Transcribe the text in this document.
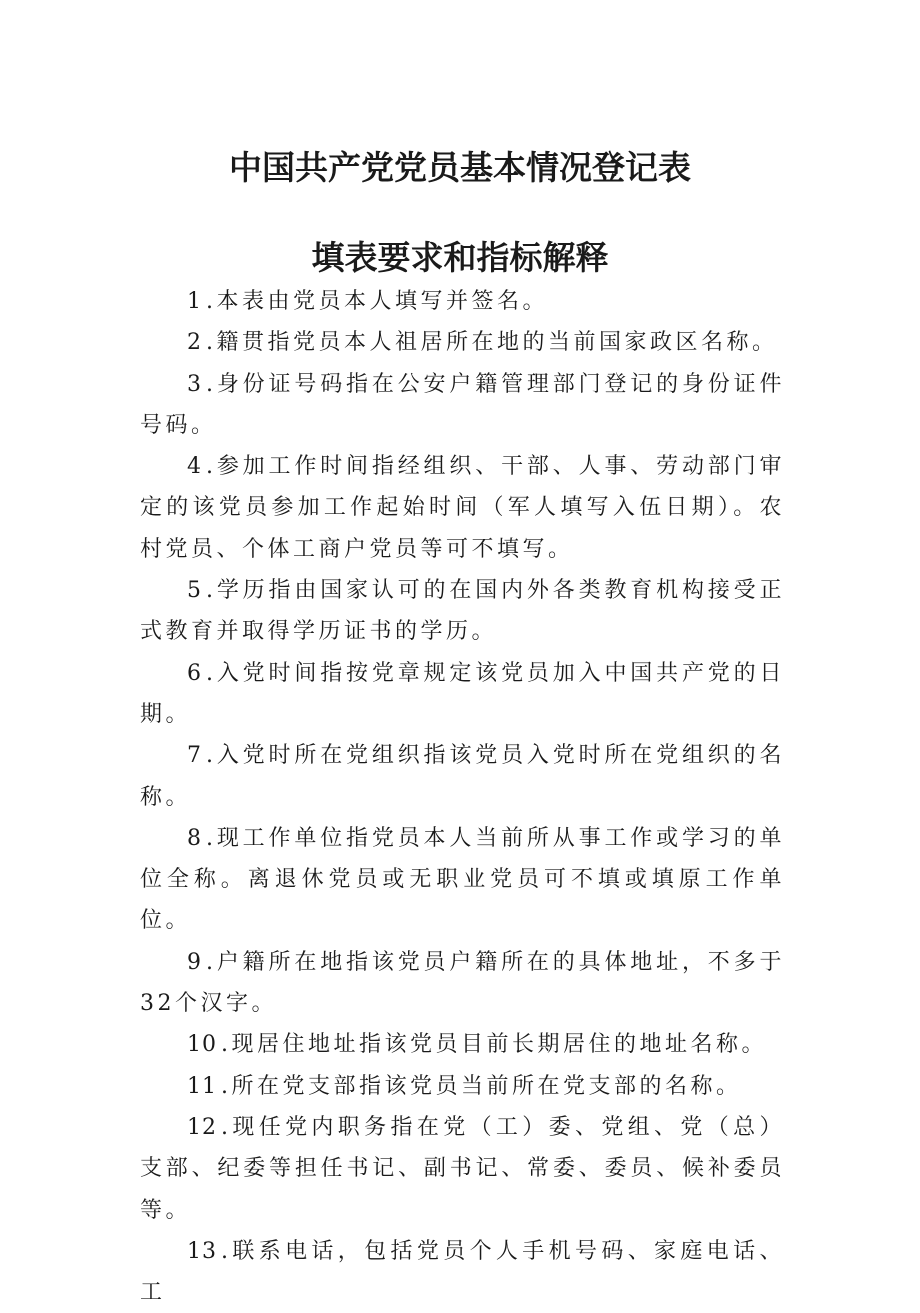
中国共产党党员基本情况登记表
填表要求和指标解释

1 .本表由党员本人填写并签名。

2 .籍贯指党员本人祖居所在地的当前国家政区名称。

3 .身份证号码指在公安户籍管理部门登记的身份证件号码。

4 .参加工作时间指经组织、干部、人事、劳动部门审定的该党员参加工作起始时间（军人填写入伍日期）。农村党员、个体工商户党员等可不填写。

5 .学历指由国家认可的在国内外各类教育机构接受正式教育并取得学历证书的学历。

6 .入党时间指按党章规定该党员加入中国共产党的日期。

7 .入党时所在党组织指该党员入党时所在党组织的名称。

8 .现工作单位指党员本人当前所从事工作或学习的单位全称。离退休党员或无职业党员可不填或填原工作单位。

9 .户籍所在地指该党员户籍所在的具体地址，不多于32个汉字。

10 .现居住地址指该党员目前长期居住的地址名称。

11 .所在党支部指该党员当前所在党支部的名称。

12 .现任党内职务指在党（工）委、党组、党（总）支部、纪委等担任书记、副书记、常委、委员、候补委员等。

13 .联系电话，包括党员个人手机号码、家庭电话、工
